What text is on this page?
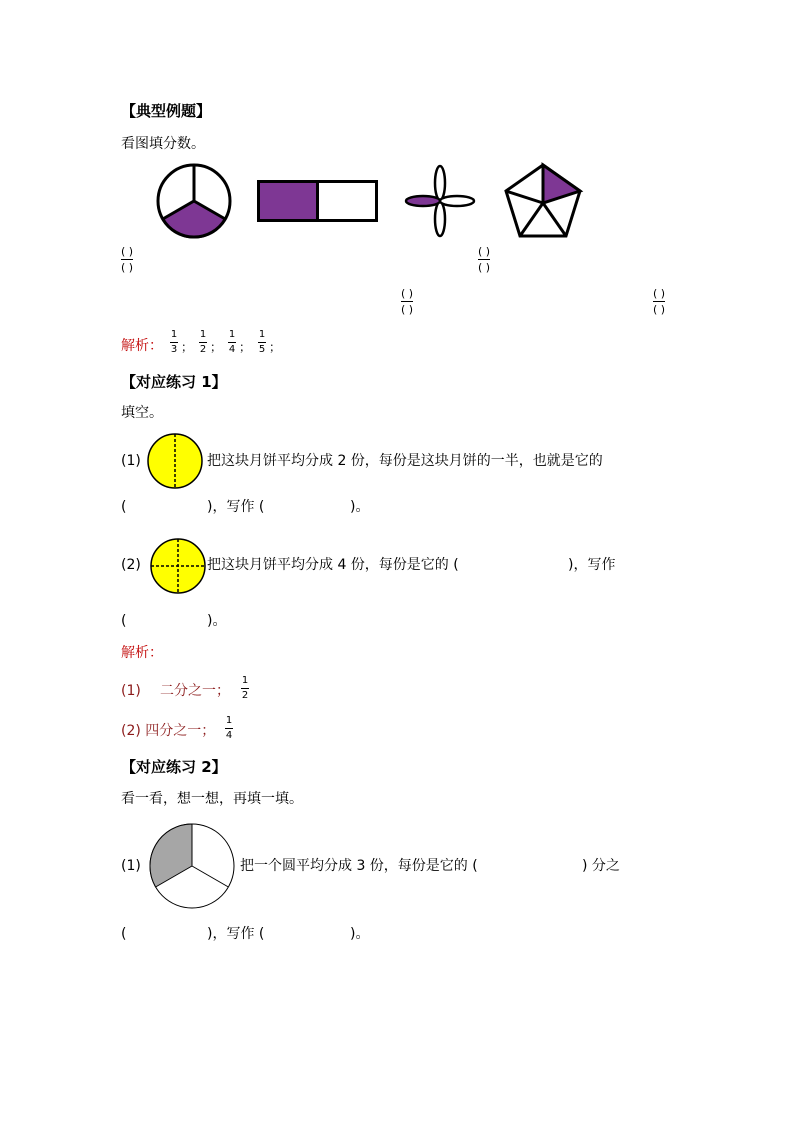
【典型例题】
看图填分数。
( )
( )
( )
( )
( )
( )
( )
( )
解析：
1
3 ；
1
2 ；
1
4 ；
1
5 ；
【对应练习 1】
填空。
(1)	把这块月饼平均分成 2 份，每份是这块月饼的一半，也就是它的
(	)，写作 (	)。
(2)	把这块月饼平均分成 4 份，每份是它的 (	)，写作
(	)。
解析：
(1) 二分之一；
1
2
(2) 四分之一；
1
4
【对应练习 2】
看一看，想一想，再填一填。
(1)	把一个圆平均分成 3 份，每份是它的 (	) 分之
(	)，写作 (	)。
